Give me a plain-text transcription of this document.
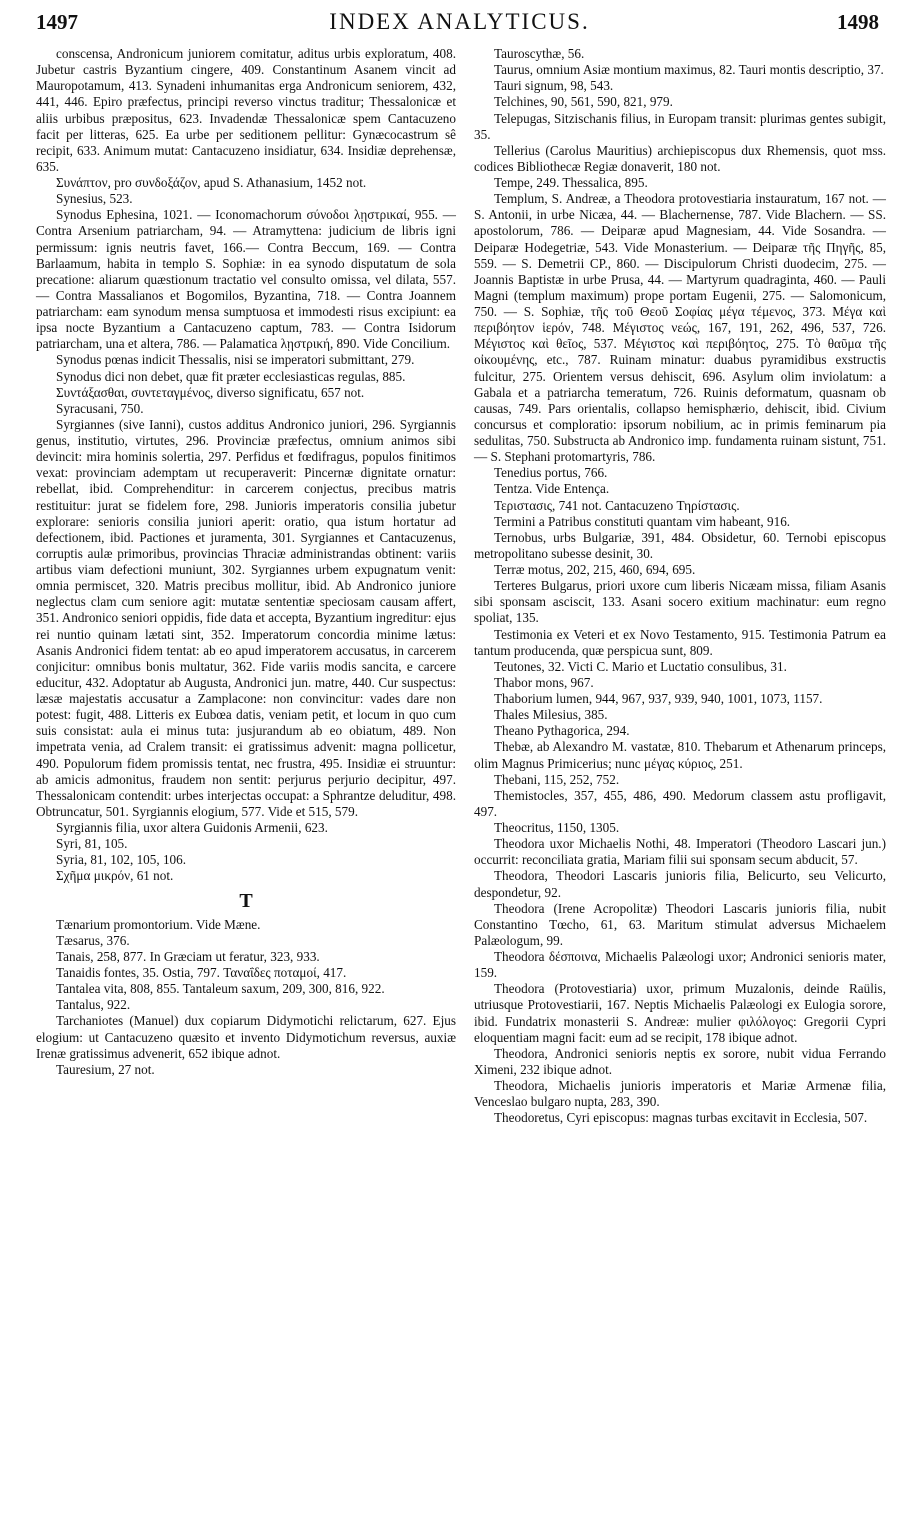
1497	INDEX ANALYTICUS.	1498

conscensa, Andronicum juniorem comitatur, aditus urbis exploratum, 408. Jubetur castris Byzantium cingere, 409. Constantinum Asanem vincit ad Mauropotamum, 413. Synadeni inhumanitas erga Andronicum seniorem, 432, 441, 446. Epiro præfectus, principi reverso vinctus traditur; Thessalonicæ et aliis urbibus præpositus, 623. Invadendæ Thessalonicæ spem Cantacuzeno facit per litteras, 625. Ea urbe per seditionem pellitur: Gynæcocastrum sê recipit, 633. Animum mutat: Cantacuzeno insidiatur, 634. Insidiæ deprehensæ, 635.

Συνάπτον, pro συνδοξάζον, apud S. Athanasium, 1452 not.

Synesius, 523.

Synodus Ephesina, 1021. — Iconomachorum σύνοδοι λῃστρικαί, 955. — Contra Arsenium patriarcham, 94. — Atramyttena: judicium de libris igni permissum: ignis neutris favet, 166.— Contra Beccum, 169. — Contra Barlaamum, habita in templo S. Sophiæ: in ea synodo disputatum de sola precatione: aliarum quæstionum tractatio vel consulto omissa, vel dilata, 557. — Contra Massalianos et Bogomilos, Byzantina, 718. — Contra Joannem patriarcham: eam synodum mensa sumptuosa et immodesti risus excipiunt: ea ipsa nocte Byzantium a Cantacuzeno captum, 783. — Contra Isidorum patriarcham, una et altera, 786. — Palamatica λῃστρική, 890. Vide Concilium.

Synodus pœnas indicit Thessalis, nisi se imperatori submittant, 279.

Synodus dici non debet, quæ fit præter ecclesiasticas regulas, 885.

Συντάξασθαι, συντεταγμένος, diverso significatu, 657 not.

Syracusani, 750.

Syrgiannes (sive Ianni), custos additus Andronico juniori, 296. Syrgiannis genus, institutio, virtutes, 296. Provinciæ præfectus, omnium animos sibi devincit: mira hominis solertia, 297. Perfidus et fœdifragus, populos finitimos vexat: provinciam ademptam ut recuperaverit: Pincernæ dignitate ornatur: rebellat, ibid. Comprehenditur: in carcerem conjectus, precibus matris restituitur: jurat se fidelem fore, 298. Junioris imperatoris consilia jubetur explorare: senioris consilia juniori aperit: oratio, qua istum hortatur ad defectionem, ibid. Pactiones et juramenta, 301. Syrgiannes et Cantacuzenus, corruptis aulæ primoribus, provincias Thraciæ administrandas obtinent: variis artibus viam defectioni muniunt, 302. Syrgiannes urbem expugnatum venit: omnia permiscet, 320. Matris precibus mollitur, ibid. Ab Andronico juniore neglectus clam cum seniore agit: mutatæ sententiæ speciosam causam affert, 351. Andronico seniori oppidis, fide data et accepta, Byzantium ingreditur: ejus rei nuntio quinam lætati sint, 352. Imperatorum concordia minime lætus: Asanis Andronici fidem tentat: ab eo apud imperatorem accusatus, in carcerem conjicitur: omnibus bonis multatur, 362. Fide variis modis sancita, e carcere educitur, 432. Adoptatur ab Augusta, Andronici jun. matre, 440. Cur suspectus: læsæ majestatis accusatur a Zamplacone: non convincitur: vades dare non potest: fugit, 488. Litteris ex Eubœa datis, veniam petit, et locum in quo cum suis consistat: aula ei minus tuta: jusjurandum ab eo obiatum, 489. Non impetrata venia, ad Cralem transit: ei gratissimus advenit: magna pollicetur, 490. Populorum fidem promissis tentat, nec frustra, 495. Insidiæ ei struuntur: ab amicis admonitus, fraudem non sentit: perjurus perjurio decipitur, 497. Thessalonicam contendit: urbes interjectas occupat: a Sphrantze deluditur, 498. Obtruncatur, 501. Syrgiannis elogium, 577. Vide et 515, 579.

Syrgiannis filia, uxor altera Guidonis Armenii, 623.

Syri, 81, 105.

Syria, 81, 102, 105, 106.

Σχῆμα μικρόν, 61 not.

T

Tænarium promontorium. Vide Mæne.

Tæsarus, 376.

Tanais, 258, 877. In Græciam ut feratur, 323, 933.

Tanaidis fontes, 35. Ostia, 797. Ταναΐδες ποταμοί, 417.

Tantalea vita, 808, 855. Tantaleum saxum, 209, 300, 816, 922.

Tantalus, 922.

Tarchaniotes (Manuel) dux copiarum Didymotichi relictarum, 627. Ejus elogium: ut Cantacuzeno quæsito et invento Didymotichum reversus, auxiæ Irenæ gratissimus advenerit, 652 ibique adnot.

Tauresium, 27 not.

Tauroscythæ, 56.

Taurus, omnium Asiæ montium maximus, 82. Tauri montis descriptio, 37.

Tauri signum, 98, 543.

Telchines, 90, 561, 590, 821, 979.

Telepugas, Sitzischanis filius, in Europam transit: plurimas gentes subigit, 35.

Tellerius (Carolus Mauritius) archiepiscopus dux Rhemensis, quot mss. codices Bibliothecæ Regiæ donaverit, 180 not.

Tempe, 249. Thessalica, 895.

Templum, S. Andreæ, a Theodora protovestiaria instauratum, 167 not. — S. Antonii, in urbe Nicæa, 44. — Blachernense, 787. Vide Blachern. — SS. apostolorum, 786. — Deiparæ apud Magnesiam, 44. Vide Sosandra. — Deiparæ Hodegetriæ, 543. Vide Monasterium. — Deiparæ τῆς Πηγῆς, 85, 559. — S. Demetrii CP., 860. — Discipulorum Christi duodecim, 275. — Joannis Baptistæ in urbe Prusa, 44. — Martyrum quadraginta, 460. — Pauli Magni (templum maximum) prope portam Eugenii, 275. — Salomonicum, 750. — S. Sophiæ, τῆς τοῦ Θεοῦ Σοφίας μέγα τέμενος, 373. Μέγα καὶ περιβόητον ἱερόν, 748. Μέγιστος νεώς, 167, 191, 262, 496, 537, 726. Μέγιστος καὶ θεῖος, 537. Μέγιστος καὶ περιβόητος, 275. Τὸ θαῦμα τῆς οἰκουμένης, etc., 787. Ruinam minatur: duabus pyramidibus exstructis fulcitur, 275. Orientem versus dehiscit, 696. Asylum olim inviolatum: a Gabala et a patriarcha temeratum, 726. Ruinis deformatum, quasnam ob causas, 749. Pars orientalis, collapso hemisphærio, dehiscit, ibid. Civium concursus et comploratio: ipsorum nobilium, ac in primis feminarum pia sedulitas, 750. Substructa ab Andronico imp. fundamenta ruinam sistunt, 751. — S. Stephani protomartyris, 786.

Tenedius portus, 766.

Tentza. Vide Entença.

Τεριστασις, 741 not. Cantacuzeno Τηρίστασις.

Termini a Patribus constituti quantam vim habeant, 916.

Ternobus, urbs Bulgariæ, 391, 484. Obsidetur, 60. Ternobi episcopus metropolitano subesse desinit, 30.

Terræ motus, 202, 215, 460, 694, 695.

Terteres Bulgarus, priori uxore cum liberis Nicæam missa, filiam Asanis sibi sponsam asciscit, 133. Asani socero exitium machinatur: eum regno spoliat, 135.

Testimonia ex Veteri et ex Novo Testamento, 915. Testimonia Patrum ea tantum producenda, quæ perspicua sunt, 809.

Teutones, 32. Victi C. Mario et Luctatio consulibus, 31.

Thabor mons, 967.

Thaborium lumen, 944, 967, 937, 939, 940, 1001, 1073, 1157.

Thales Milesius, 385.

Theano Pythagorica, 294.

Thebæ, ab Alexandro M. vastatæ, 810. Thebarum et Athenarum princeps, olim Magnus Primicerius; nunc μέγας κύριος, 251.

Thebani, 115, 252, 752.

Themistocles, 357, 455, 486, 490. Medorum classem astu profligavit, 497.

Theocritus, 1150, 1305.

Theodora uxor Michaelis Nothi, 48. Imperatori (Theodoro Lascari jun.) occurrit: reconciliata gratia, Mariam filii sui sponsam secum abducit, 57.

Theodora, Theodori Lascaris junioris filia, Belicurto, seu Velicurto, despondetur, 92.

Theodora (Irene Acropolitæ) Theodori Lascaris junioris filia, nubit Constantino Tœcho, 61, 63. Maritum stimulat adversus Michaelem Palæologum, 99.

Theodora δέσποινα, Michaelis Palæologi uxor; Andronici senioris mater, 159.

Theodora (Protovestiaria) uxor, primum Muzalonis, deinde Raülis, utriusque Protovestiarii, 167. Neptis Michaelis Palæologi ex Eulogia sorore, ibid. Fundatrix monasterii S. Andreæ: mulier φιλόλογος: Gregorii Cypri eloquentiam magni facit: eum ad se recipit, 178 ibique adnot.

Theodora, Andronici senioris neptis ex sorore, nubit vidua Ferrando Ximeni, 232 ibique adnot.

Theodora, Michaelis junioris imperatoris et Mariæ Armenæ filia, Venceslao bulgaro nupta, 283, 390.

Theodoretus, Cyri episcopus: magnas turbas excitavit in Ecclesia, 507.
